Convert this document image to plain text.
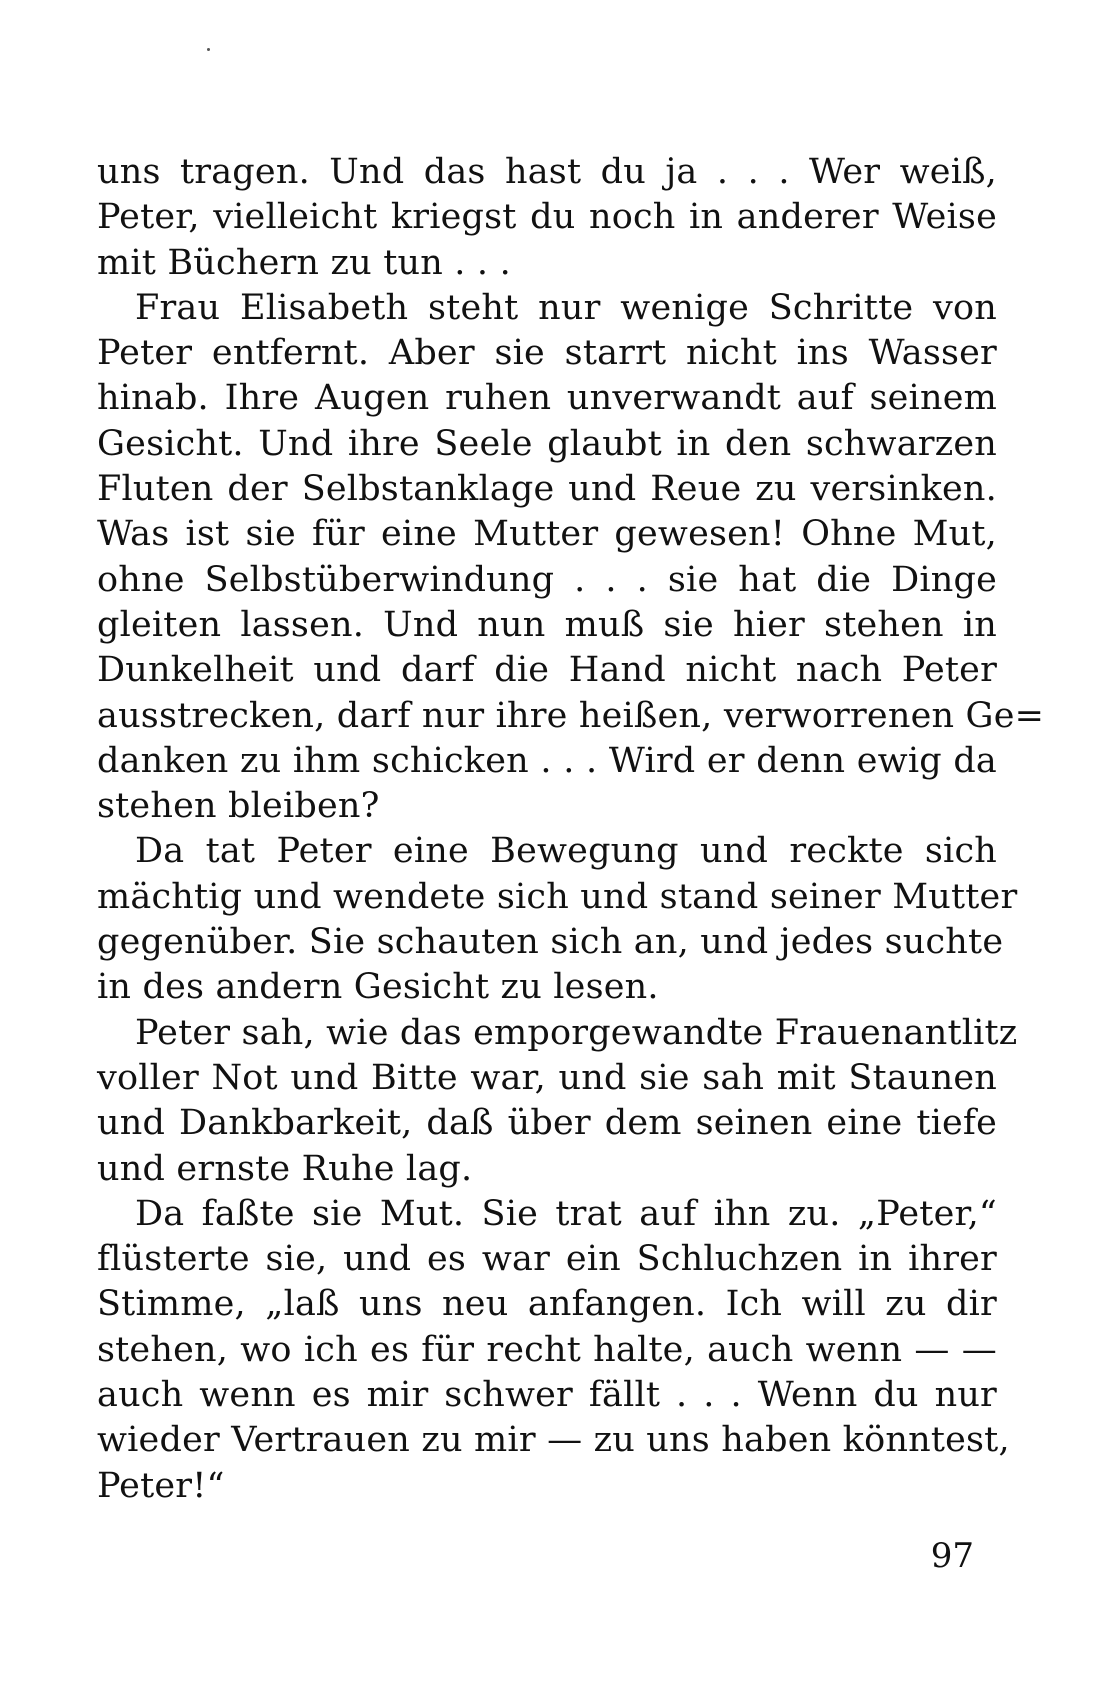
uns tragen. Und das hast du ja . . . Wer weiß,
Peter, vielleicht kriegst du noch in anderer Weise
mit Büchern zu tun . . .
Frau Elisabeth steht nur wenige Schritte von
Peter entfernt. Aber sie starrt nicht ins Wasser
hinab. Ihre Augen ruhen unverwandt auf seinem
Gesicht. Und ihre Seele glaubt in den schwarzen
Fluten der Selbstanklage und Reue zu versinken.
Was ist sie für eine Mutter gewesen! Ohne Mut,
ohne Selbstüberwindung . . . sie hat die Dinge
gleiten lassen. Und nun muß sie hier stehen in
Dunkelheit und darf die Hand nicht nach Peter
ausstrecken, darf nur ihre heißen, verworrenen Ge=
danken zu ihm schicken . . . Wird er denn ewig da
stehen bleiben?
Da tat Peter eine Bewegung und reckte sich
mächtig und wendete sich und stand seiner Mutter
gegenüber. Sie schauten sich an, und jedes suchte
in des andern Gesicht zu lesen.
Peter sah, wie das emporgewandte Frauenantlitz
voller Not und Bitte war, und sie sah mit Staunen
und Dankbarkeit, daß über dem seinen eine tiefe
und ernste Ruhe lag.
Da faßte sie Mut. Sie trat auf ihn zu. „Peter,“
flüsterte sie, und es war ein Schluchzen in ihrer
Stimme, „laß uns neu anfangen. Ich will zu dir
stehen, wo ich es für recht halte, auch wenn — —
auch wenn es mir schwer fällt . . . Wenn du nur
wieder Vertrauen zu mir — zu uns haben könntest,
Peter!“
97
